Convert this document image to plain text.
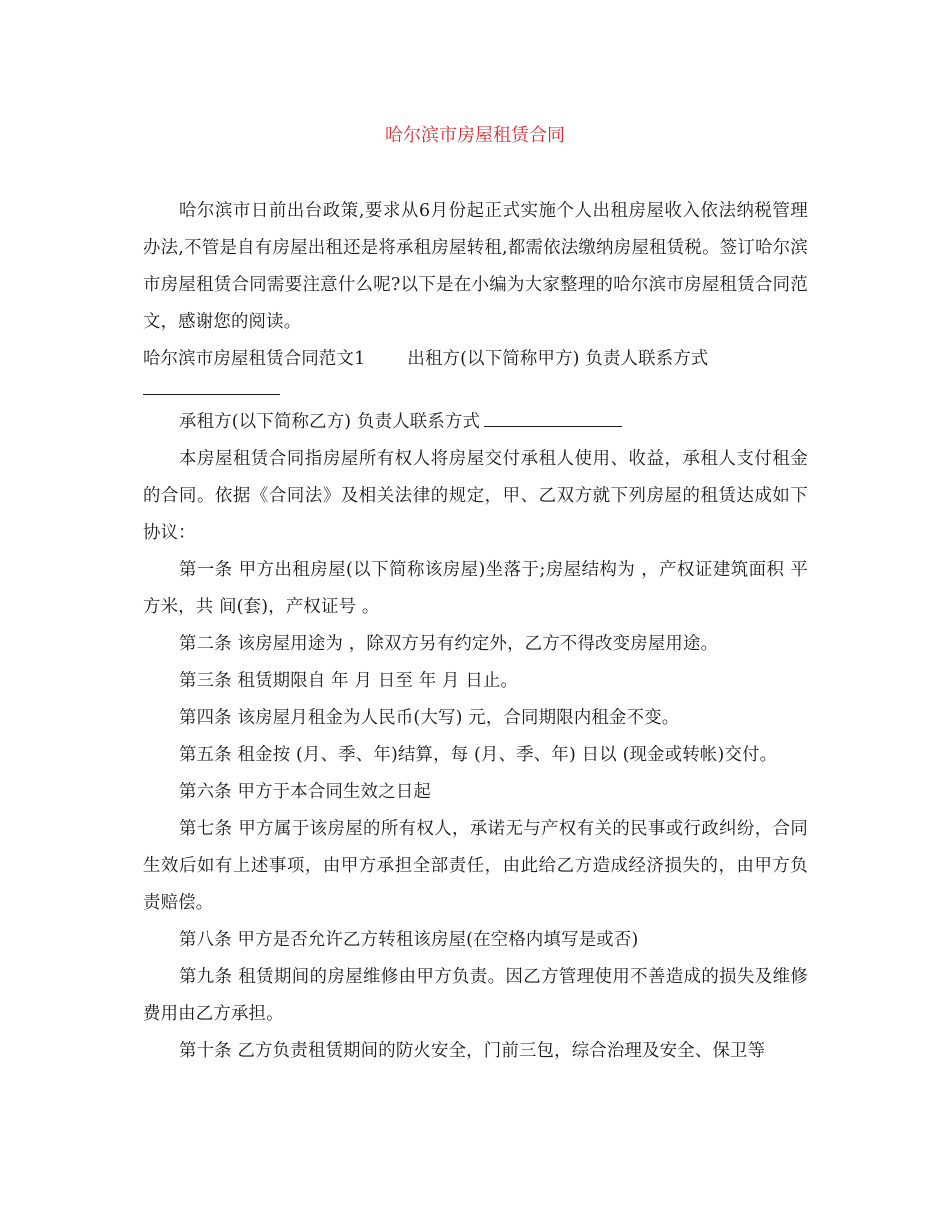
哈尔滨市房屋租赁合同

哈尔滨市日前出台政策,要求从6月份起正式实施个人出租房屋收入依法纳税管理办法,不管是自有房屋出租还是将承租房屋转租,都需依法缴纳房屋租赁税。签订哈尔滨市房屋租赁合同需要注意什么呢?以下是在小编为大家整理的哈尔滨市房屋租赁合同范文，感谢您的阅读。

哈尔滨市房屋租赁合同范文1 出租方(以下简称甲方) 负责人联系方式

承租方(以下简称乙方) 负责人联系方式

本房屋租赁合同指房屋所有权人将房屋交付承租人使用、收益，承租人支付租金的合同。依据《合同法》及相关法律的规定，甲、乙双方就下列房屋的租赁达成如下协议：

第一条 甲方出租房屋(以下简称该房屋)坐落于;房屋结构为 ，产权证建筑面积 平方米，共 间(套)，产权证号 。

第二条 该房屋用途为 ，除双方另有约定外，乙方不得改变房屋用途。

第三条 租赁期限自 年 月 日至 年 月 日止。

第四条 该房屋月租金为人民币(大写) 元，合同期限内租金不变。

第五条 租金按 (月、季、年)结算，每 (月、季、年) 日以 (现金或转帐)交付。

第六条 甲方于本合同生效之日起

第七条 甲方属于该房屋的所有权人，承诺无与产权有关的民事或行政纠纷，合同生效后如有上述事项，由甲方承担全部责任，由此给乙方造成经济损失的，由甲方负责赔偿。

第八条 甲方是否允许乙方转租该房屋(在空格内填写是或否)

第九条 租赁期间的房屋维修由甲方负责。因乙方管理使用不善造成的损失及维修费用由乙方承担。

第十条 乙方负责租赁期间的防火安全，门前三包，综合治理及安全、保卫等
